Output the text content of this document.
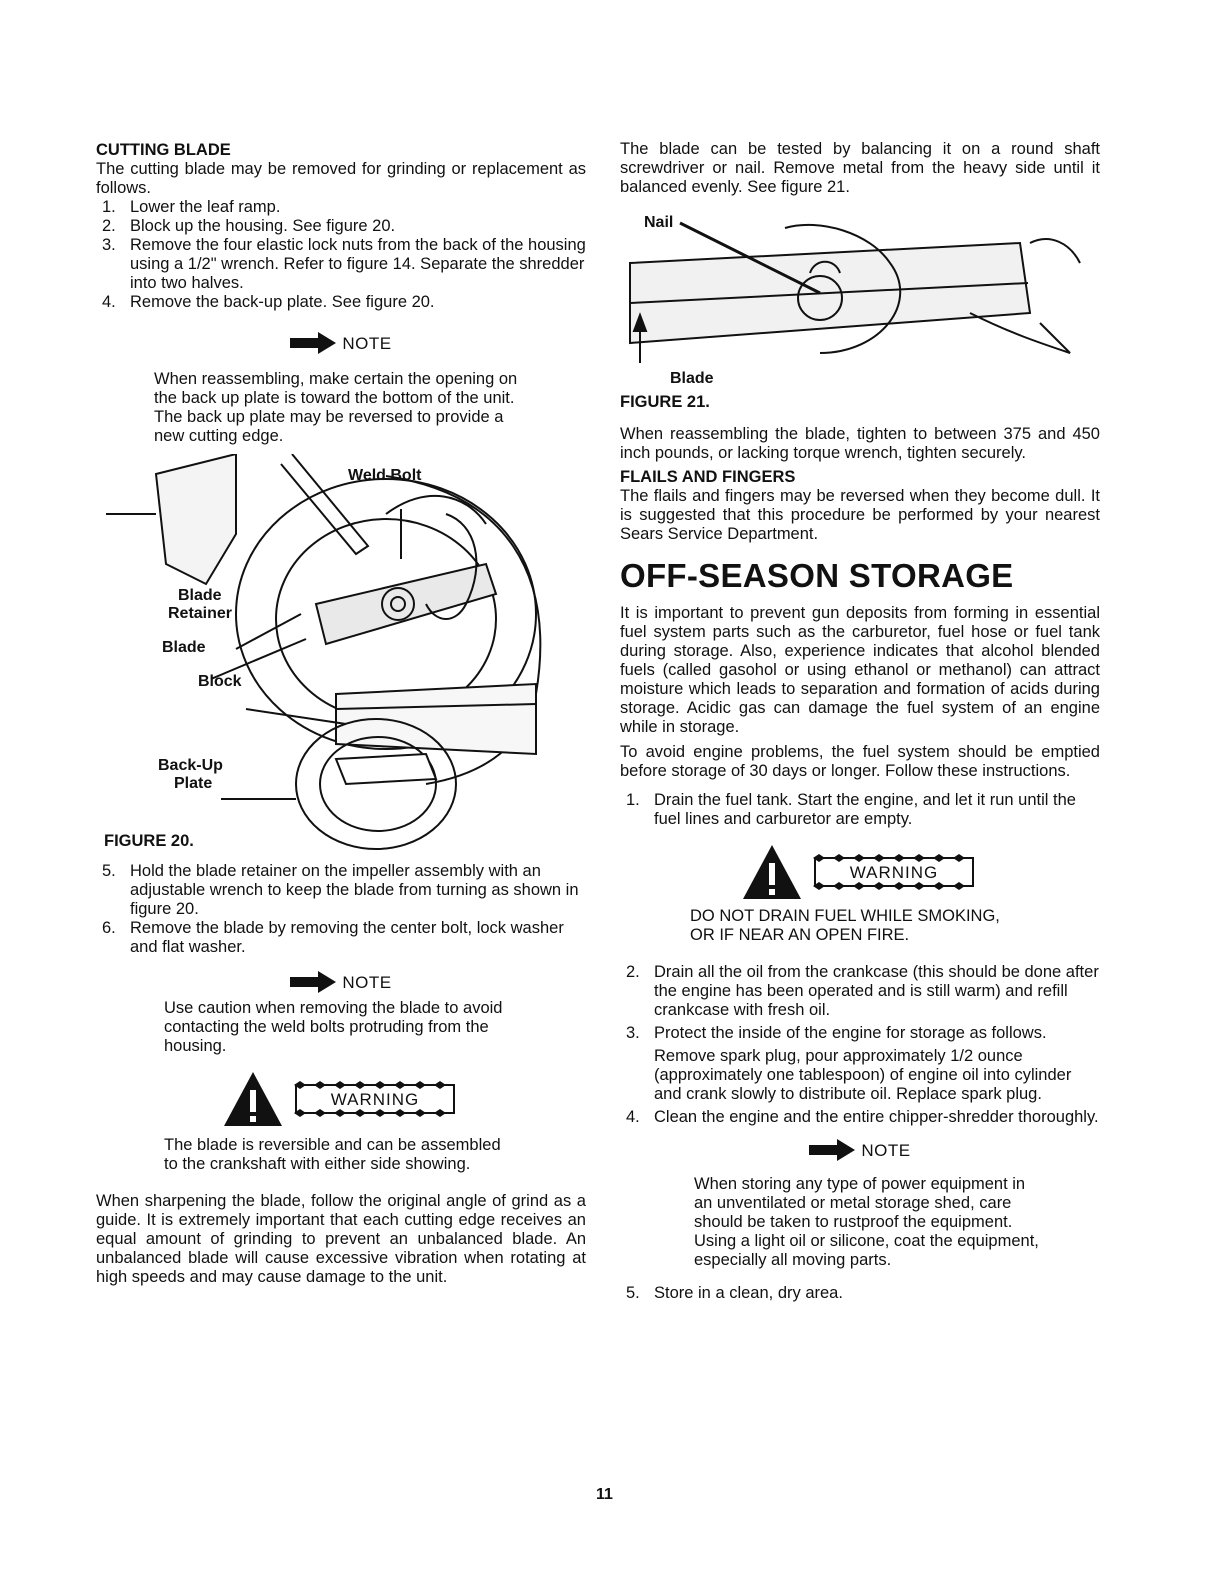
CUTTING BLADE

The cutting blade may be removed for grinding or replacement as follows.

1. Lower the leaf ramp.
2. Block up the housing. See figure 20.
3. Remove the four elastic lock nuts from the back of the housing using a 1/2" wrench. Refer to figure 14. Separate the shredder into two halves.
4. Remove the back-up plate. See figure 20.
NOTE

When reassembling, make certain the opening on the back up plate is toward the bottom of the unit. The back up plate may be reversed to provide a new cutting edge.

Weld Bolt
Blade
Retainer
Blade
Block
Back-Up
Plate
FIGURE 20.
5. Hold the blade retainer on the impeller assembly with an adjustable wrench to keep the blade from turning as shown in figure 20.
6. Remove the blade by removing the center bolt, lock washer and flat washer.
NOTE

Use caution when removing the blade to avoid contacting the weld bolts protruding from the housing.

WARNING

The blade is reversible and can be assembled to the crankshaft with either side showing.

When sharpening the blade, follow the original angle of grind as a guide. It is extremely important that each cutting edge receives an equal amount of grinding to prevent an unbalanced blade. An unbalanced blade will cause excessive vibration when rotating at high speeds and may cause damage to the unit.

The blade can be tested by balancing it on a round shaft screwdriver or nail. Remove metal from the heavy side until it balanced evenly. See figure 21.

Nail
Blade
FIGURE 21.

When reassembling the blade, tighten to between 375 and 450 inch pounds, or lacking torque wrench, tighten securely.

FLAILS AND FINGERS

The flails and fingers may be reversed when they become dull. It is suggested that this procedure be performed by your nearest Sears Service Department.

OFF-SEASON STORAGE

It is important to prevent gun deposits from forming in essential fuel system parts such as the carburetor, fuel hose or fuel tank during storage. Also, experience indicates that alcohol blended fuels (called gasohol or using ethanol or methanol) can attract moisture which leads to separation and formation of acids during storage. Acidic gas can damage the fuel system of an engine while in storage.

To avoid engine problems, the fuel system should be emptied before storage of 30 days or longer. Follow these instructions.

1. Drain the fuel tank. Start the engine, and let it run until the fuel lines and carburetor are empty.
WARNING

DO NOT DRAIN FUEL WHILE SMOKING,

OR IF NEAR AN OPEN FIRE.

2. Drain all the oil from the crankcase (this should be done after the engine has been operated and is still warm) and refill crankcase with fresh oil.
3. Protect the inside of the engine for storage as follows.

Remove spark plug, pour approximately 1/2 ounce (approximately one tablespoon) of engine oil into cylinder and crank slowly to distribute oil. Replace spark plug.

4. Clean the engine and the entire chipper-shredder thoroughly.
NOTE

When storing any type of power equipment in an unventilated or metal storage shed, care should be taken to rustproof the equipment. Using a light oil or silicone, coat the equipment, especially all moving parts.

5. Store in a clean, dry area.
11
